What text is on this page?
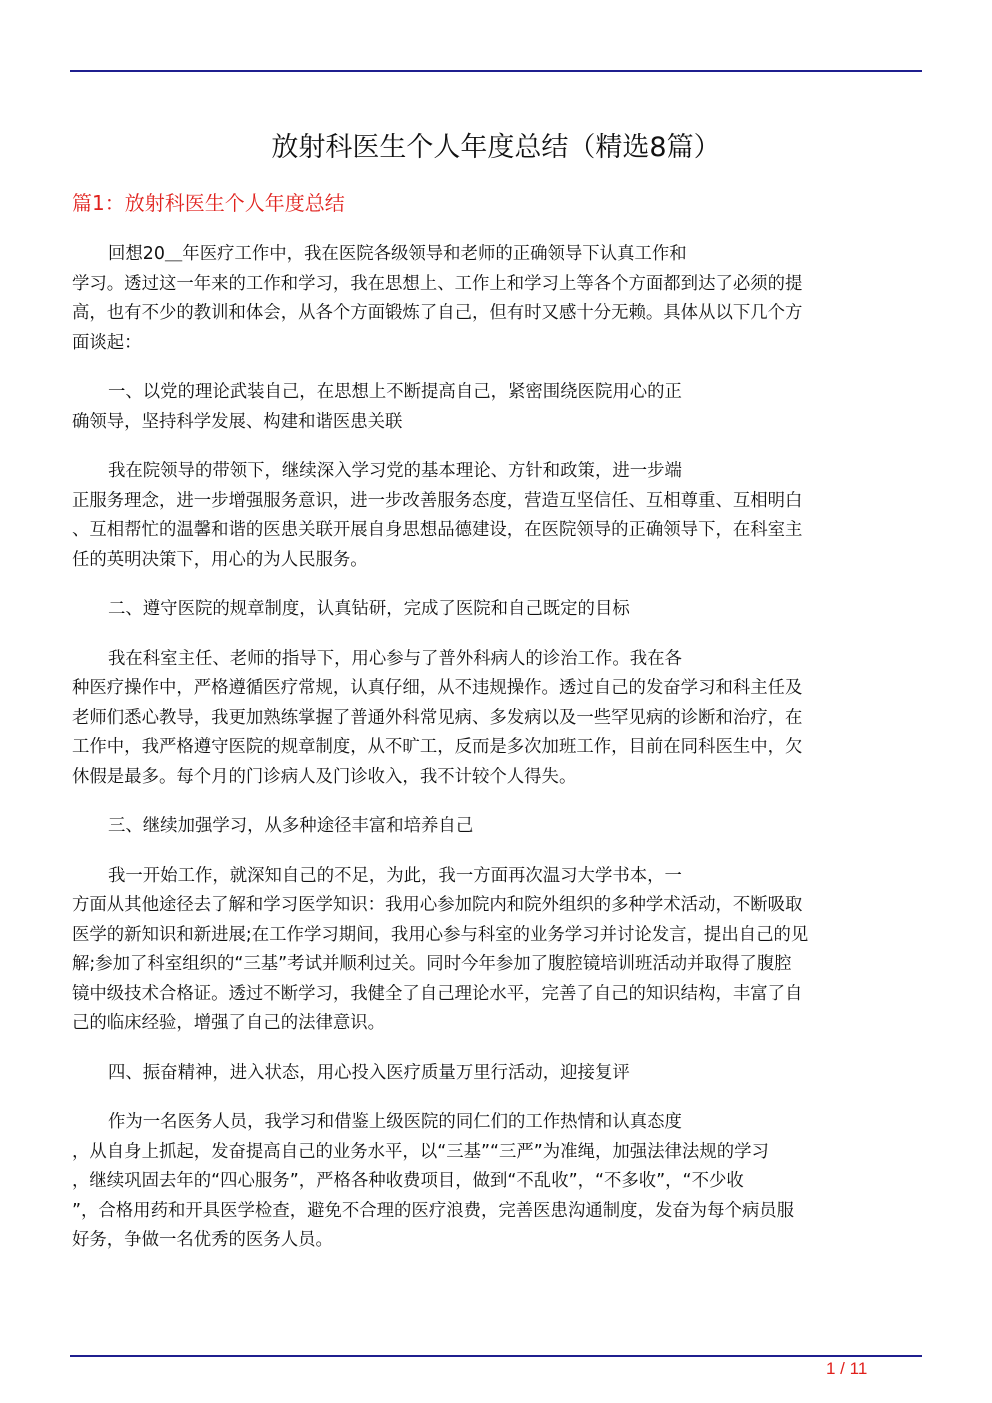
放射科医生个人年度总结（精选8篇）
篇1：放射科医生个人年度总结
回想20＿年医疗工作中，我在医院各级领导和老师的正确领导下认真工作和
学习。透过这一年来的工作和学习，我在思想上、工作上和学习上等各个方面都到达了必须的提
高，也有不少的教训和体会，从各个方面锻炼了自己，但有时又感十分无赖。具体从以下几个方
面谈起：
一、以党的理论武装自己，在思想上不断提高自己，紧密围绕医院用心的正
确领导，坚持科学发展、构建和谐医患关联
我在院领导的带领下，继续深入学习党的基本理论、方针和政策，进一步端
正服务理念，进一步增强服务意识，进一步改善服务态度，营造互坚信任、互相尊重、互相明白
、互相帮忙的温馨和谐的医患关联开展自身思想品德建设，在医院领导的正确领导下，在科室主
任的英明决策下，用心的为人民服务。
二、遵守医院的规章制度，认真钻研，完成了医院和自己既定的目标
我在科室主任、老师的指导下，用心参与了普外科病人的诊治工作。我在各
种医疗操作中，严格遵循医疗常规，认真仔细，从不违规操作。透过自己的发奋学习和科主任及
老师们悉心教导，我更加熟练掌握了普通外科常见病、多发病以及一些罕见病的诊断和治疗，在
工作中，我严格遵守医院的规章制度，从不旷工，反而是多次加班工作，目前在同科医生中，欠
休假是最多。每个月的门诊病人及门诊收入，我不计较个人得失。
三、继续加强学习，从多种途径丰富和培养自己
我一开始工作，就深知自己的不足，为此，我一方面再次温习大学书本，一
方面从其他途径去了解和学习医学知识：我用心参加院内和院外组织的多种学术活动，不断吸取
医学的新知识和新进展;在工作学习期间，我用心参与科室的业务学习并讨论发言，提出自己的见
解;参加了科室组织的“三基”考试并顺利过关。同时今年参加了腹腔镜培训班活动并取得了腹腔
镜中级技术合格证。透过不断学习，我健全了自己理论水平，完善了自己的知识结构，丰富了自
己的临床经验，增强了自己的法律意识。
四、振奋精神，进入状态，用心投入医疗质量万里行活动，迎接复评
作为一名医务人员，我学习和借鉴上级医院的同仁们的工作热情和认真态度
，从自身上抓起，发奋提高自己的业务水平，以“三基”“三严”为准绳，加强法律法规的学习
，继续巩固去年的“四心服务”，严格各种收费项目，做到“不乱收”，“不多收”，“不少收
”，合格用药和开具医学检查，避免不合理的医疗浪费，完善医患沟通制度，发奋为每个病员服
好务，争做一名优秀的医务人员。
1 / 11
